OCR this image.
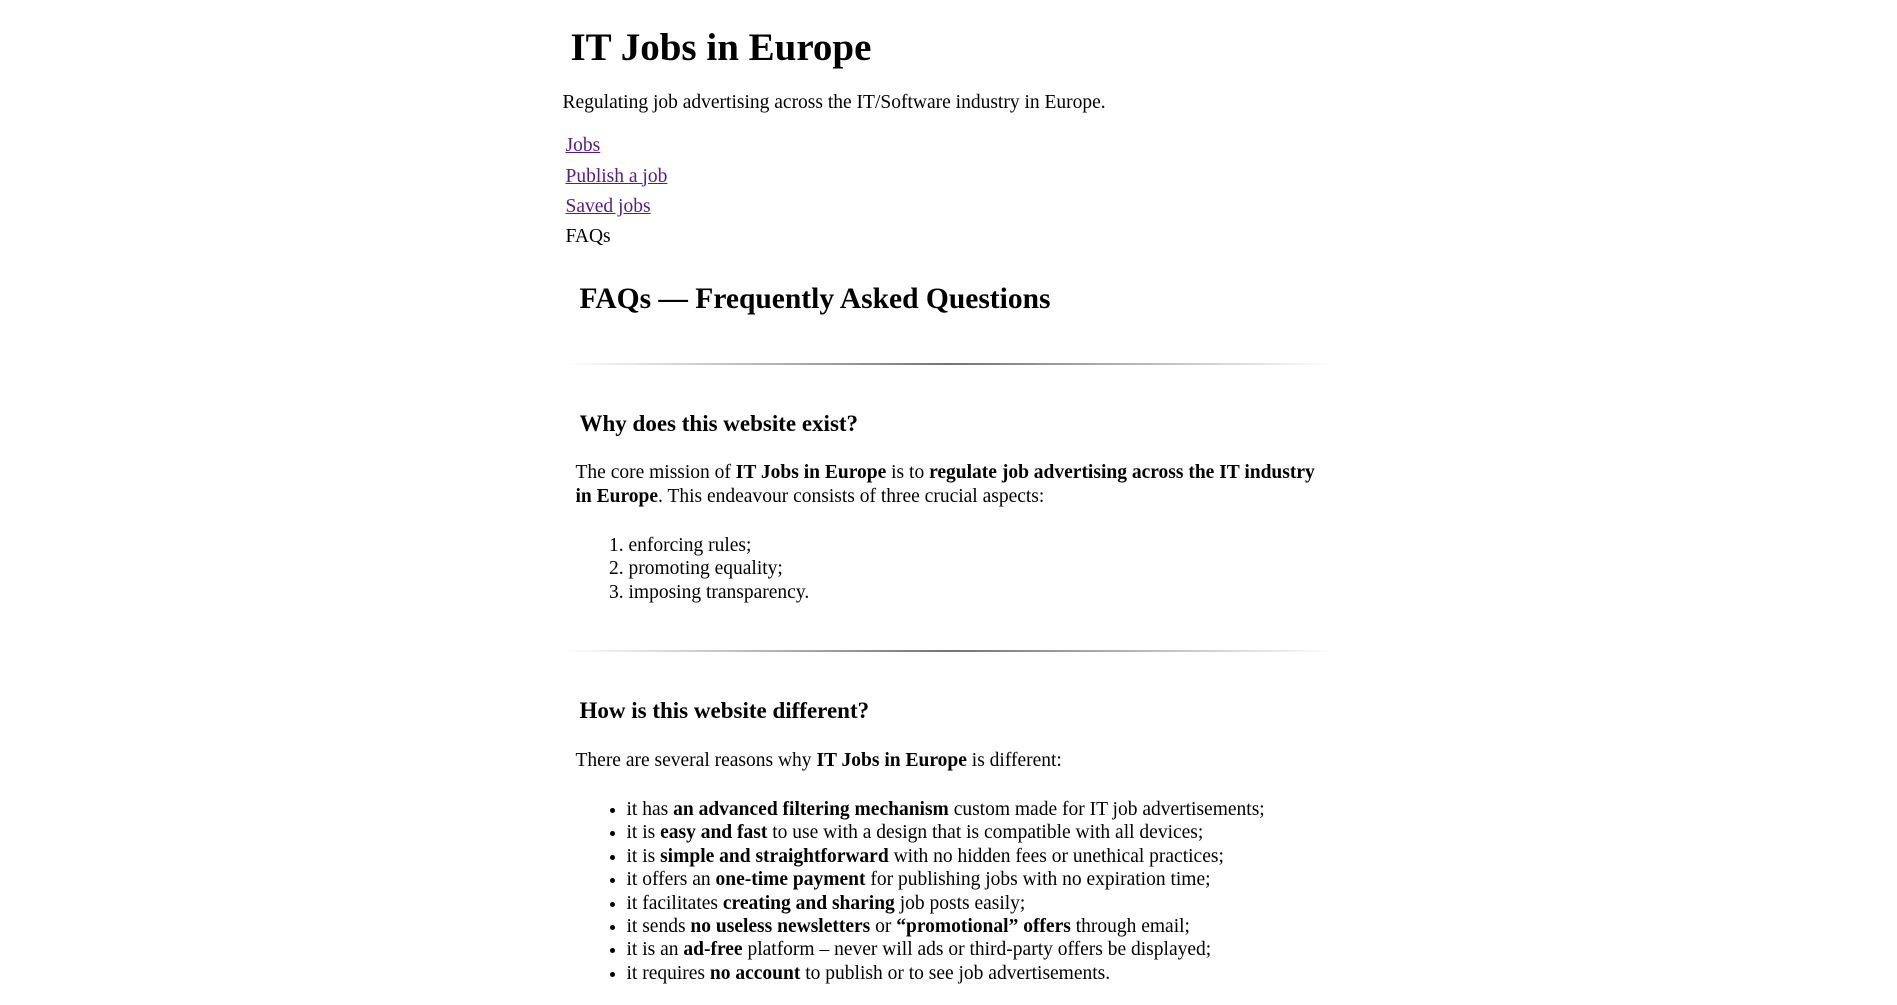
IT Jobs in Europe

Regulating job advertising across the IT/Software industry in Europe.

Jobs
Publish a job
Saved jobs
FAQs
FAQs — Frequently Asked Questions
Why does this website exist?

The core mission of IT Jobs in Europe is to regulate job advertising across the IT industry in Europe. This endeavour consists of three crucial aspects:

1. enforcing rules;
2. promoting equality;
3. imposing transparency.
How is this website different?

There are several reasons why IT Jobs in Europe is different:

• it has an advanced filtering mechanism custom made for IT job advertisements;
• it is easy and fast to use with a design that is compatible with all devices;
• it is simple and straightforward with no hidden fees or unethical practices;
• it offers an one-time payment for publishing jobs with no expiration time;
• it facilitates creating and sharing job posts easily;
• it sends no useless newsletters or “promotional” offers through email;
• it is an ad-free platform – never will ads or third-party offers be displayed;
• it requires no account to publish or to see job advertisements.
